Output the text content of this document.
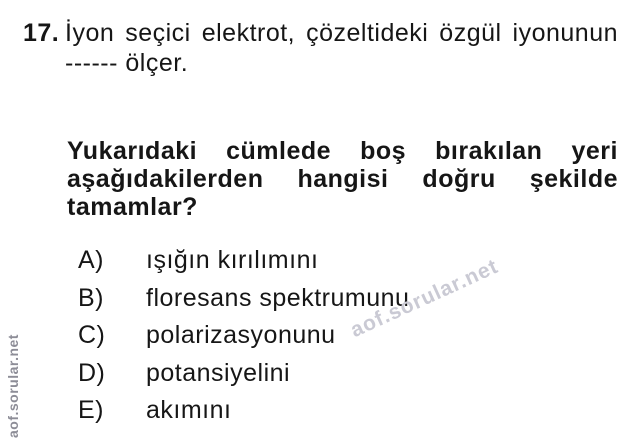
17. İyon seçici elektrot, çözeltideki özgül iyonunun
------ ölçer.
Yukarıdaki cümlede boş bırakılan yeri
aşağıdakilerden hangisi doğru şekilde
tamamlar?
A) ışığın kırılımını
B) floresans spektrumunu
C) polarizasyonunu
D) potansiyelini
E) akımını
aof.sorular.net
aof.sorular.net
